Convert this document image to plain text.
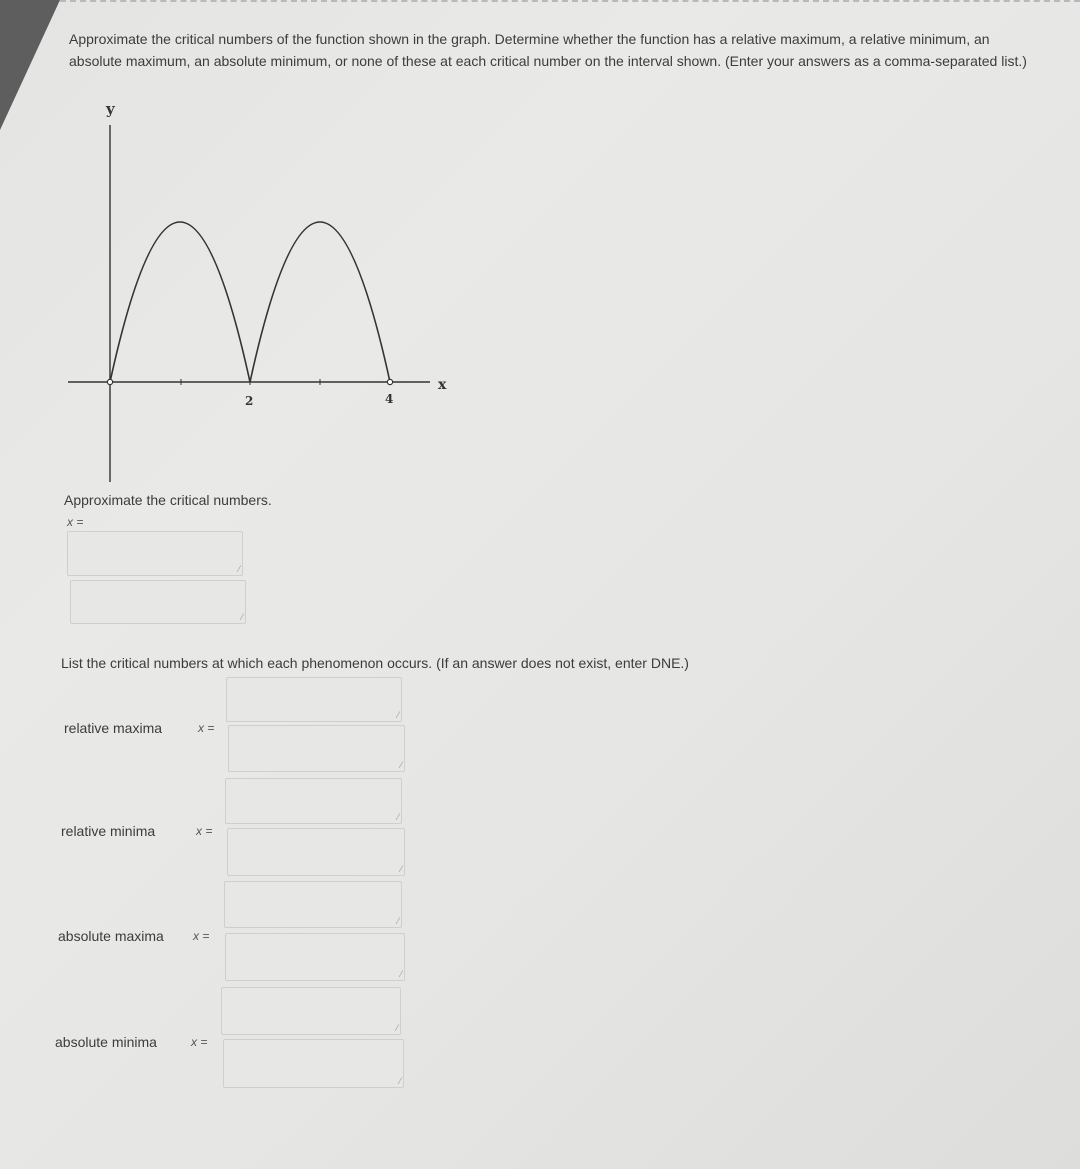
Approximate the critical numbers of the function shown in the graph. Determine whether the function has a relative maximum, a relative minimum, an absolute maximum, an absolute minimum, or none of these at each critical number on the interval shown. (Enter your answers as a comma-separated list.)
y
x
2	4
Approximate the critical numbers.
x =
⁄
⁄
List the critical numbers at which each phenomenon occurs. (If an answer does not exist, enter DNE.)
⁄
relative maxima	x =
⁄
⁄
relative minima	x =
⁄
⁄
absolute maxima x =
⁄
⁄
absolute minima	x =
⁄
